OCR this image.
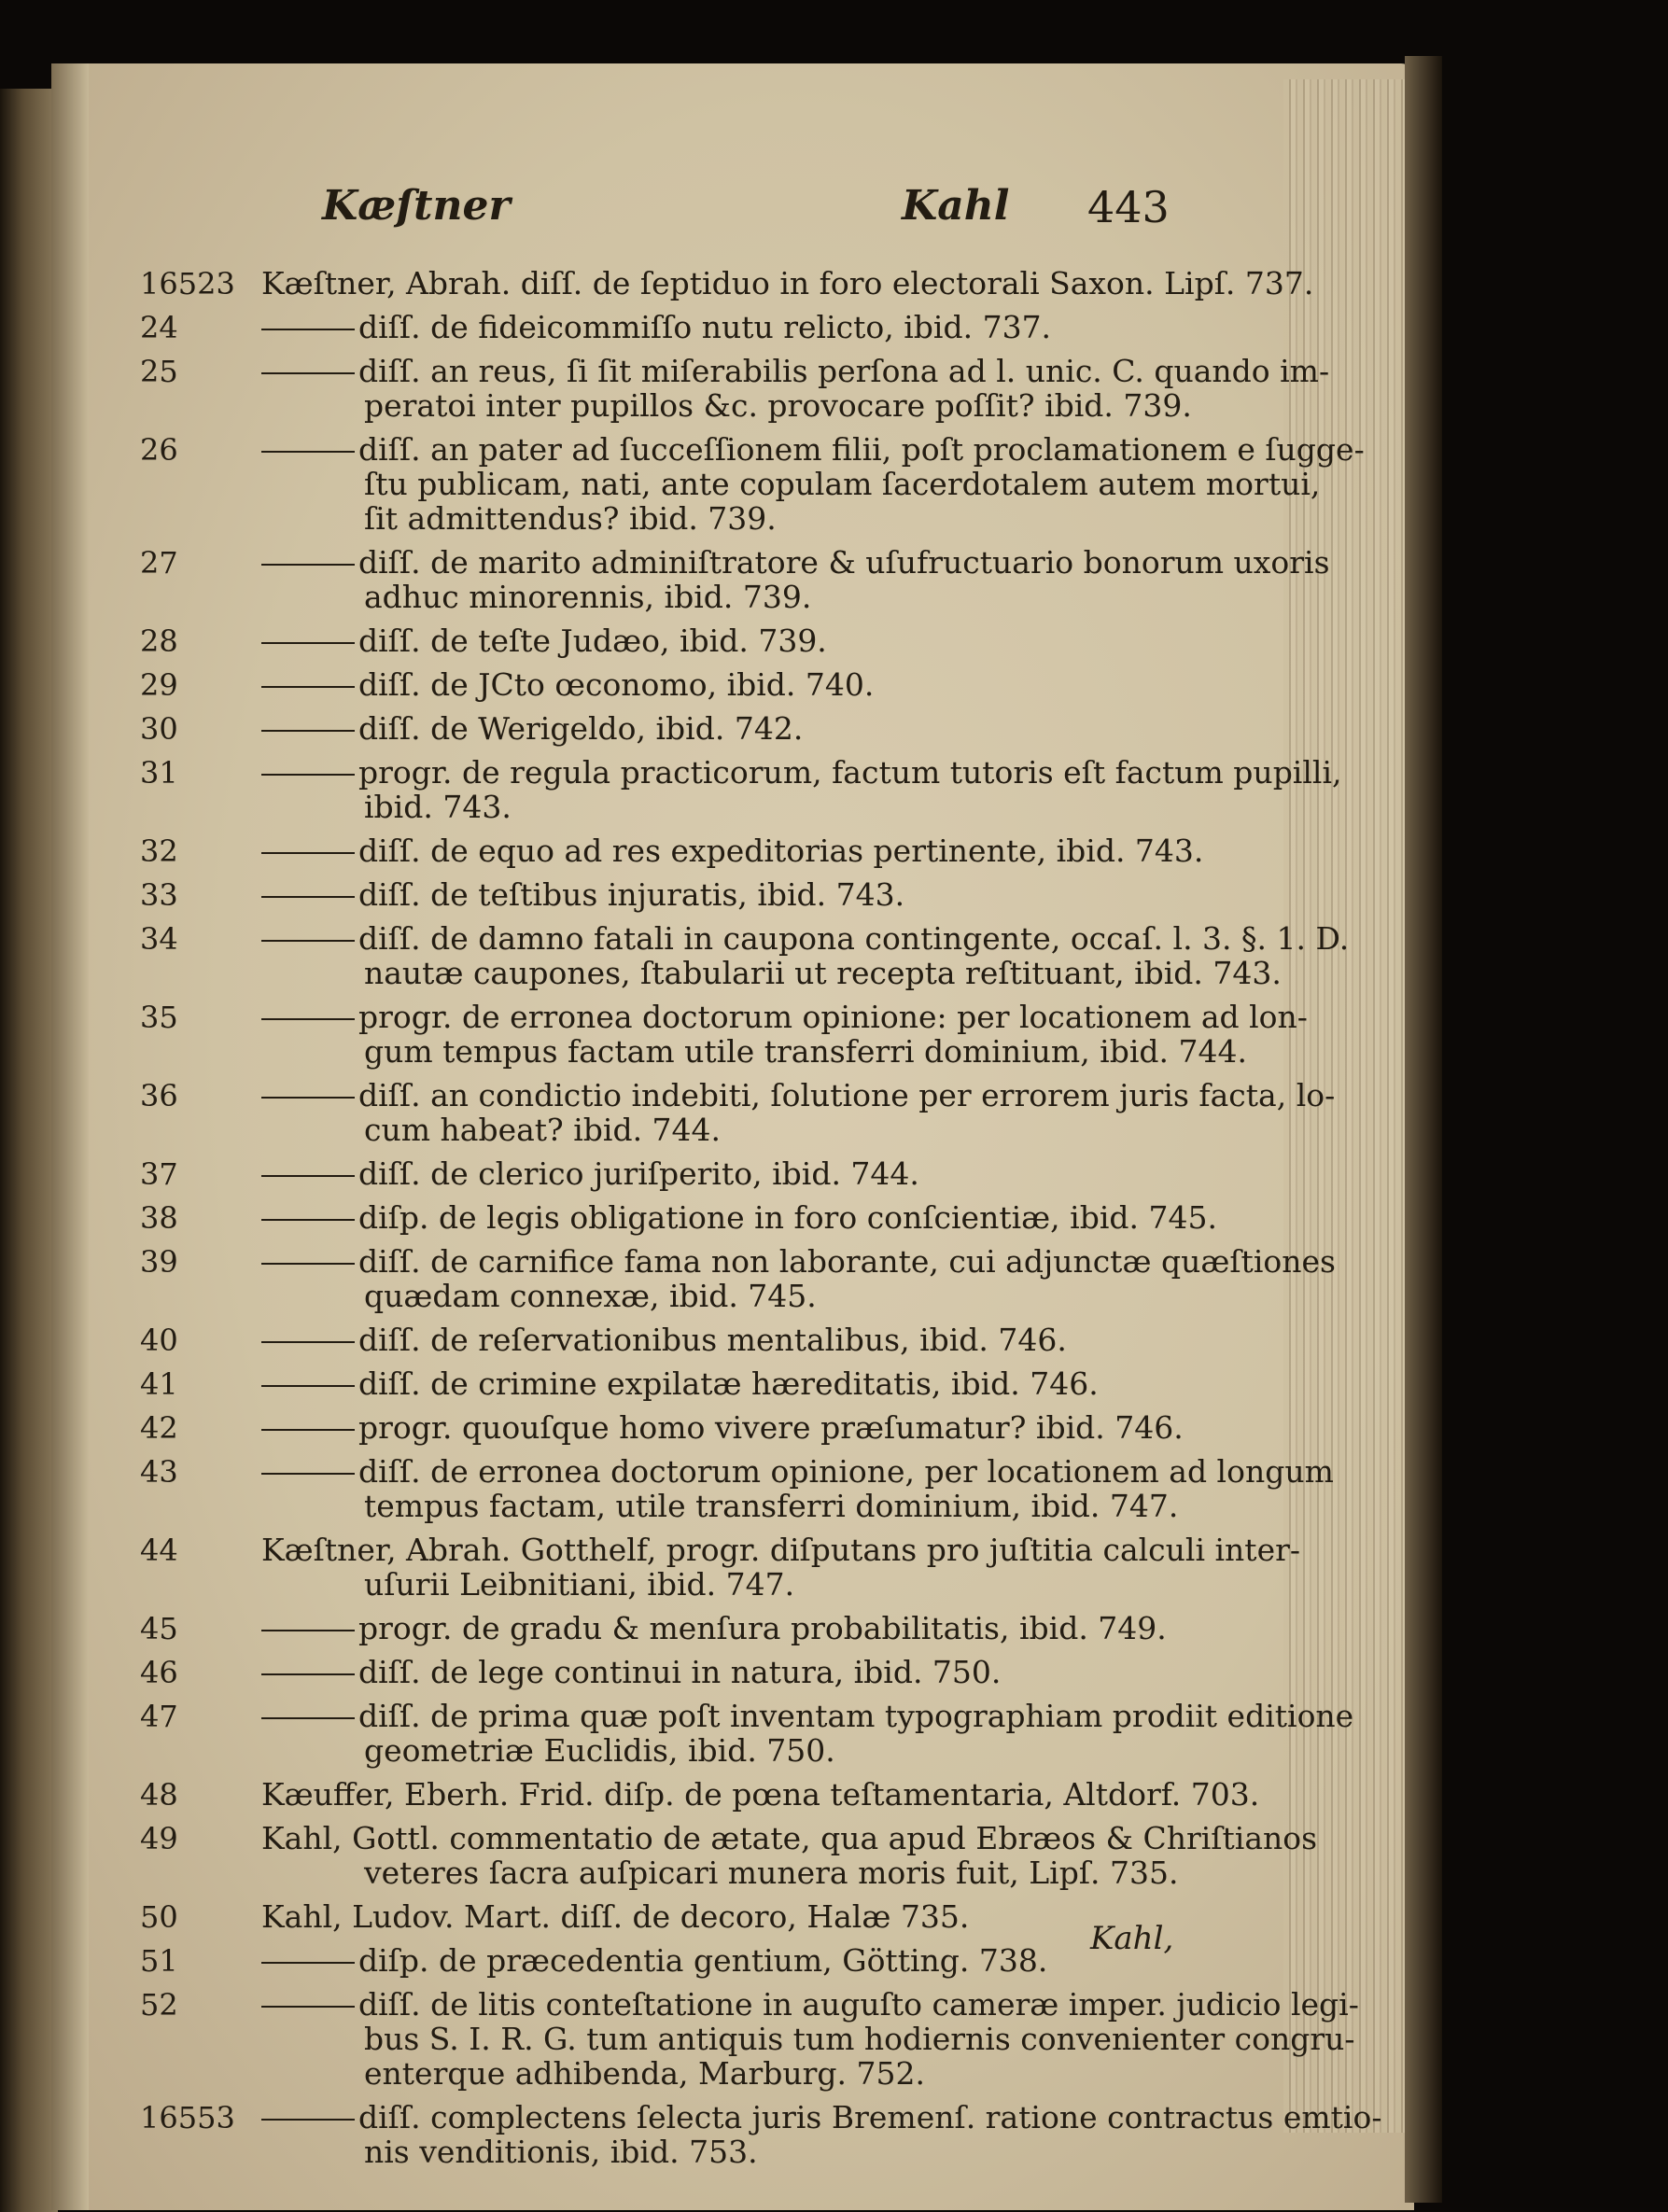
Kæſtner	Kahl 443
16523 Kæſtner, Abrah. diſſ. de ſeptiduo in foro electorali Saxon. Lipſ. 737.
24	diſſ. de fideicommiſſo nutu relicto, ibid. 737.
25	diſſ. an reus, ſi ſit miſerabilis perſona ad l. unic. C. quando im-
peratoi inter pupillos &c. provocare poſſit? ibid. 739.
26	diſſ. an pater ad ſucceſſionem filii, poſt proclamationem e ſugge-
ſtu publicam, nati, ante copulam ſacerdotalem autem mortui,
ſit admittendus? ibid. 739.
27	diſſ. de marito adminiſtratore & uſufructuario bonorum uxoris
adhuc minorennis, ibid. 739.
28	diſſ. de teſte Judæo, ibid. 739.
29	diſſ. de JCto œconomo, ibid. 740.
30	diſſ. de Werigeldo, ibid. 742.
31	progr. de regula practicorum, factum tutoris eſt factum pupilli,
ibid. 743.
32	diſſ. de equo ad res expeditorias pertinente, ibid. 743.
33	diſſ. de teſtibus injuratis, ibid. 743.
34	diſſ. de damno fatali in caupona contingente, occaſ. l. 3. §. 1. D.
nautæ caupones, ſtabularii ut recepta reſtituant, ibid. 743.
35	progr. de erronea doctorum opinione: per locationem ad lon-
gum tempus factam utile transferri dominium, ibid. 744.
36	diſſ. an condictio indebiti, ſolutione per errorem juris facta, lo-
cum habeat? ibid. 744.
37	diſſ. de clerico juriſperito, ibid. 744.
38	diſp. de legis obligatione in foro conſcientiæ, ibid. 745.
39	diſſ. de carnifice fama non laborante, cui adjunctæ quæſtiones
quædam connexæ, ibid. 745.
40	diſſ. de reſervationibus mentalibus, ibid. 746.
41	diſſ. de crimine expilatæ hæreditatis, ibid. 746.
42	progr. quouſque homo vivere præſumatur? ibid. 746.
43	diſſ. de erronea doctorum opinione, per locationem ad longum
tempus factam, utile transferri dominium, ibid. 747.
44	Kæſtner, Abrah. Gotthelf, progr. diſputans pro juſtitia calculi inter-
uſurii Leibnitiani, ibid. 747.
45	progr. de gradu & menſura probabilitatis, ibid. 749.
46	diſſ. de lege continui in natura, ibid. 750.
47	diſſ. de prima quæ poſt inventam typographiam prodiit editione
geometriæ Euclidis, ibid. 750.
48	Kæuffer, Eberh. Frid. diſp. de pœna teſtamentaria, Altdorf. 703.
49	Kahl, Gottl. commentatio de ætate, qua apud Ebræos & Chriſtianos
veteres ſacra auſpicari munera moris fuit, Lipſ. 735.
50	Kahl, Ludov. Mart. diſſ. de decoro, Halæ 735.
51	diſp. de præcedentia gentium, Götting. 738.
52	diſſ. de litis conteſtatione in auguſto cameræ imper. judicio legi-
bus S. I. R. G. tum antiquis tum hodiernis convenienter congru-
enterque adhibenda, Marburg. 752.
16553	diſſ. complectens ſelecta juris Bremenſ. ratione contractus emtio-
nis venditionis, ibid. 753.
Kahl,
